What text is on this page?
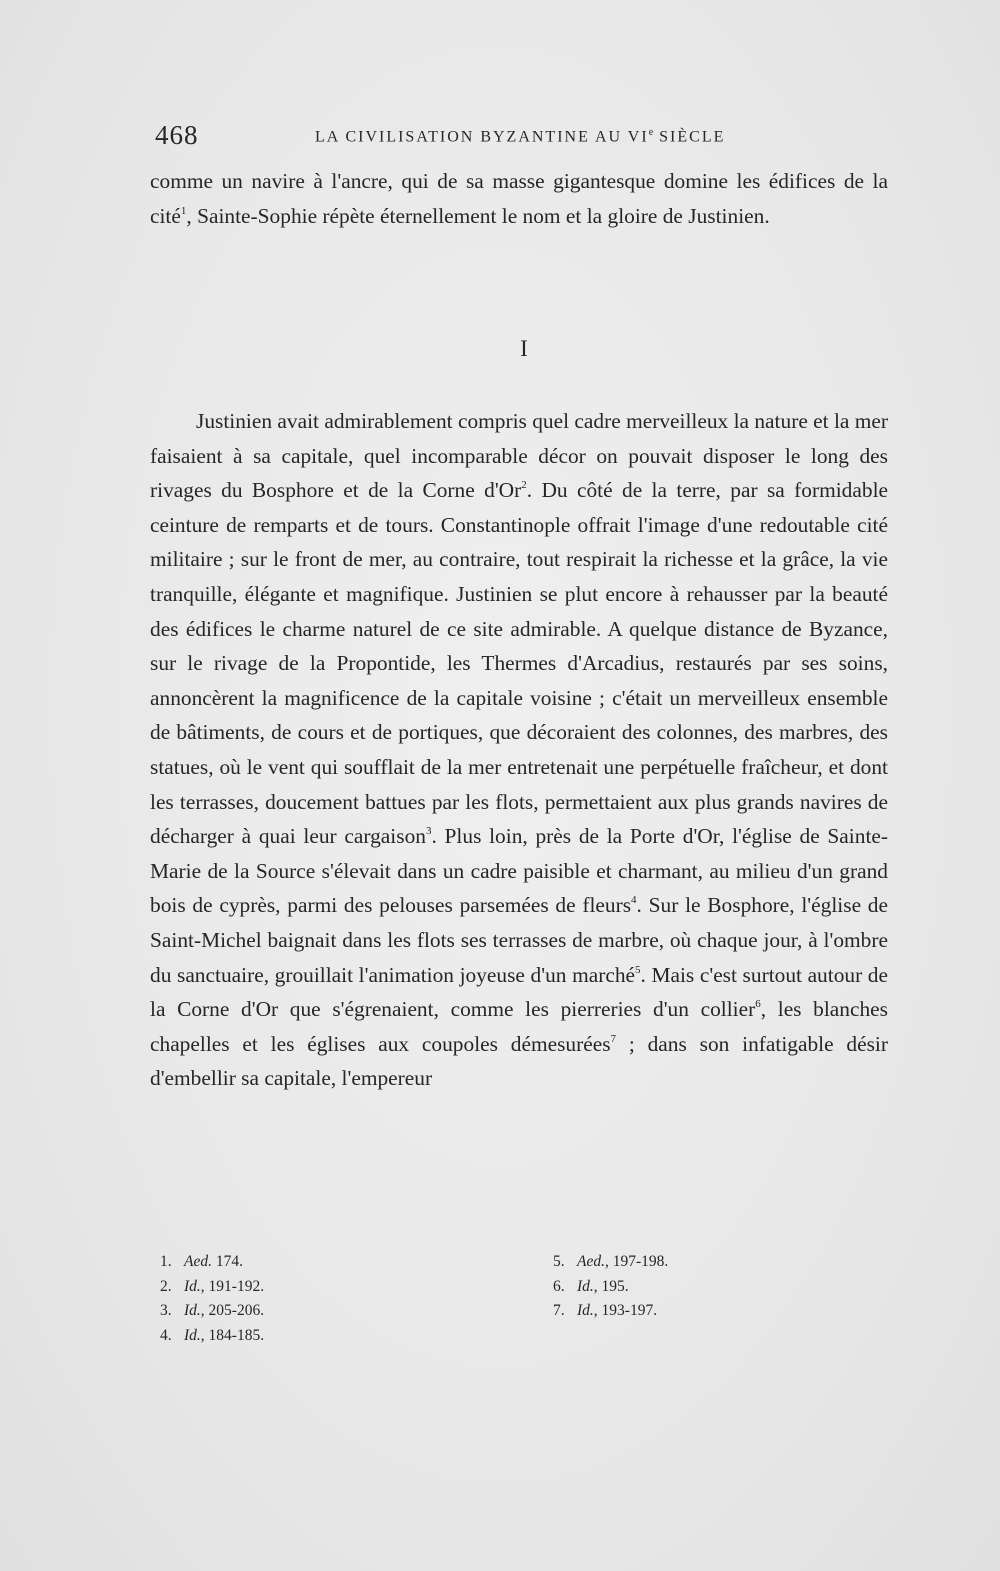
468	LA CIVILISATION BYZANTINE AU VIe SIÈCLE

comme un navire à l'ancre, qui de sa masse gigantesque domine les édifices de la cité$^1$, Sainte-Sophie répète éternellement le nom et la gloire de Justinien.

I

Justinien avait admirablement compris quel cadre merveilleux la nature et la mer faisaient à sa capitale, quel incomparable décor on pouvait disposer le long des rivages du Bosphore et de la Corne d'Or$^2$. Du côté de la terre, par sa formidable ceinture de remparts et de tours. Constantinople offrait l'image d'une redoutable cité militaire ; sur le front de mer, au contraire, tout respirait la richesse et la grâce, la vie tranquille, élégante et magnifique. Justinien se plut encore à rehausser par la beauté des édifices le charme naturel de ce site admirable. A quelque distance de Byzance, sur le rivage de la Propontide, les Thermes d'Arcadius, restaurés par ses soins, annoncèrent la magnificence de la capitale voisine ; c'était un merveilleux ensemble de bâtiments, de cours et de portiques, que décoraient des colonnes, des marbres, des statues, où le vent qui soufflait de la mer entretenait une perpétuelle fraîcheur, et dont les terrasses, doucement battues par les flots, permettaient aux plus grands navires de décharger à quai leur cargaison$^3$. Plus loin, près de la Porte d'Or, l'église de Sainte-Marie de la Source s'élevait dans un cadre paisible et charmant, au milieu d'un grand bois de cyprès, parmi des pelouses parsemées de fleurs$^4$. Sur le Bosphore, l'église de Saint-Michel baignait dans les flots ses terrasses de marbre, où chaque jour, à l'ombre du sanctuaire, grouillait l'animation joyeuse d'un marché$^5$. Mais c'est surtout autour de la Corne d'Or que s'égrenaient, comme les pierreries d'un collier$^6$, les blanches chapelles et les églises aux coupoles démesurées$^7$ ; dans son infatigable désir d'embellir sa capitale, l'empereur

1. Aed. 174.
2. Id., 191-192.
3. Id., 205-206.
4. Id., 184-185.
5. Aed., 197-198.
6. Id., 195.
7. Id., 193-197.
